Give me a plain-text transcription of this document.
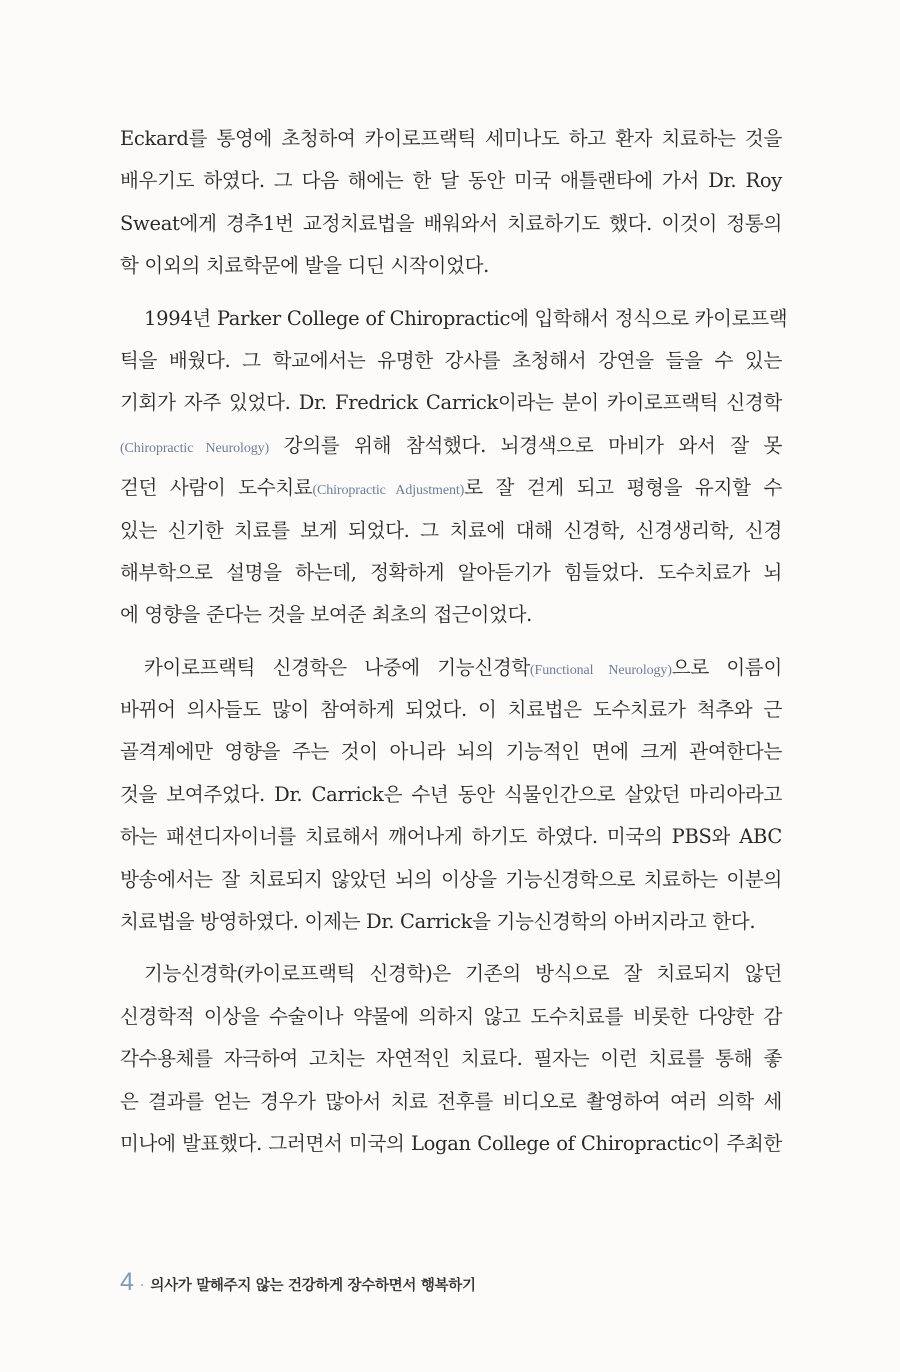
Eckard를 통영에 초청하여 카이로프랙틱 세미나도 하고 환자 치료하는 것을
배우기도 하였다. 그 다음 해에는 한 달 동안 미국 애틀랜타에 가서 Dr. Roy
Sweat에게 경추1번 교정치료법을 배워와서 치료하기도 했다. 이것이 정통의
학 이외의 치료학문에 발을 디딘 시작이었다.
1994년 Parker College of Chiropractic에 입학해서 정식으로 카이로프랙
틱을 배웠다. 그 학교에서는 유명한 강사를 초청해서 강연을 들을 수 있는
기회가 자주 있었다. Dr. Fredrick Carrick이라는 분이 카이로프랙틱 신경학
(Chiropractic Neurology) 강의를 위해 참석했다. 뇌경색으로 마비가 와서 잘 못
걷던 사람이 도수치료(Chiropractic Adjustment)로 잘 걷게 되고 평형을 유지할 수
있는 신기한 치료를 보게 되었다. 그 치료에 대해 신경학, 신경생리학, 신경
해부학으로 설명을 하는데, 정확하게 알아듣기가 힘들었다. 도수치료가 뇌
에 영향을 준다는 것을 보여준 최초의 접근이었다.
카이로프랙틱 신경학은 나중에 기능신경학(Functional Neurology)으로 이름이
바뀌어 의사들도 많이 참여하게 되었다. 이 치료법은 도수치료가 척추와 근
골격계에만 영향을 주는 것이 아니라 뇌의 기능적인 면에 크게 관여한다는
것을 보여주었다. Dr. Carrick은 수년 동안 식물인간으로 살았던 마리아라고
하는 패션디자이너를 치료해서 깨어나게 하기도 하였다. 미국의 PBS와 ABC
방송에서는 잘 치료되지 않았던 뇌의 이상을 기능신경학으로 치료하는 이분의
치료법을 방영하였다. 이제는 Dr. Carrick을 기능신경학의 아버지라고 한다.
기능신경학(카이로프랙틱 신경학)은 기존의 방식으로 잘 치료되지 않던
신경학적 이상을 수술이나 약물에 의하지 않고 도수치료를 비롯한 다양한 감
각수용체를 자극하여 고치는 자연적인 치료다. 필자는 이런 치료를 통해 좋
은 결과를 얻는 경우가 많아서 치료 전후를 비디오로 촬영하여 여러 의학 세
미나에 발표했다. 그러면서 미국의 Logan College of Chiropractic이 주최한
4 · 의사가 말해주지 않는 건강하게 장수하면서 행복하기
